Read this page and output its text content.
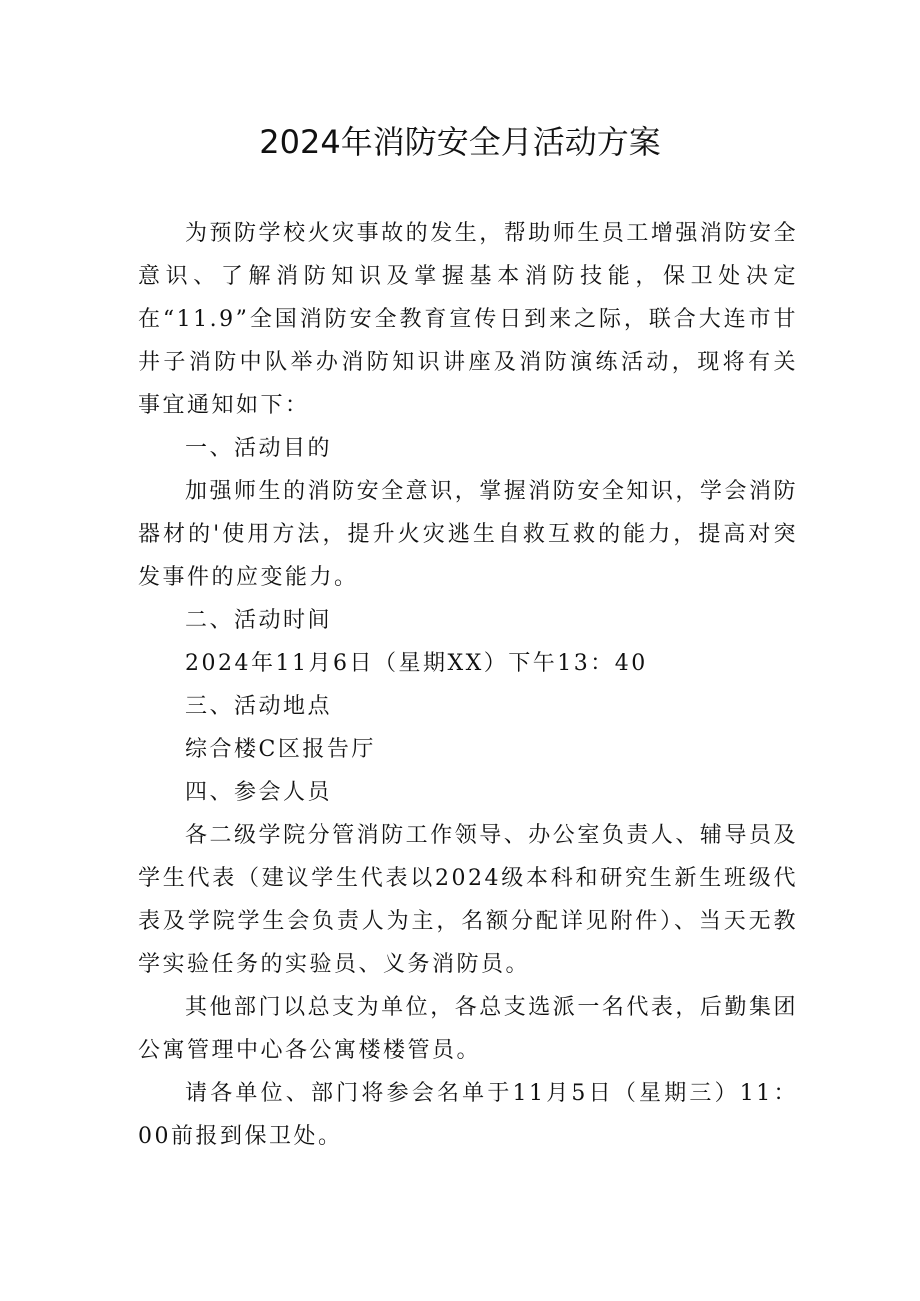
2024年消防安全月活动方案

为预防学校火灾事故的发生，帮助师生员工增强消防安全意识、了解消防知识及掌握基本消防技能，保卫处决定在“11.9”全国消防安全教育宣传日到来之际，联合大连市甘井子消防中队举办消防知识讲座及消防演练活动，现将有关事宜通知如下：

一、活动目的

加强师生的消防安全意识，掌握消防安全知识，学会消防器材的'使用方法，提升火灾逃生自救互救的能力，提高对突发事件的应变能力。

二、活动时间

2024年11月6日（星期XX）下午13：40

三、活动地点

综合楼C区报告厅

四、参会人员

各二级学院分管消防工作领导、办公室负责人、辅导员及学生代表（建议学生代表以2024级本科和研究生新生班级代表及学院学生会负责人为主，名额分配详见附件）、当天无教学实验任务的实验员、义务消防员。

其他部门以总支为单位，各总支选派一名代表，后勤集团公寓管理中心各公寓楼楼管员。

请各单位、部门将参会名单于11月5日（星期三）11：00前报到保卫处。
